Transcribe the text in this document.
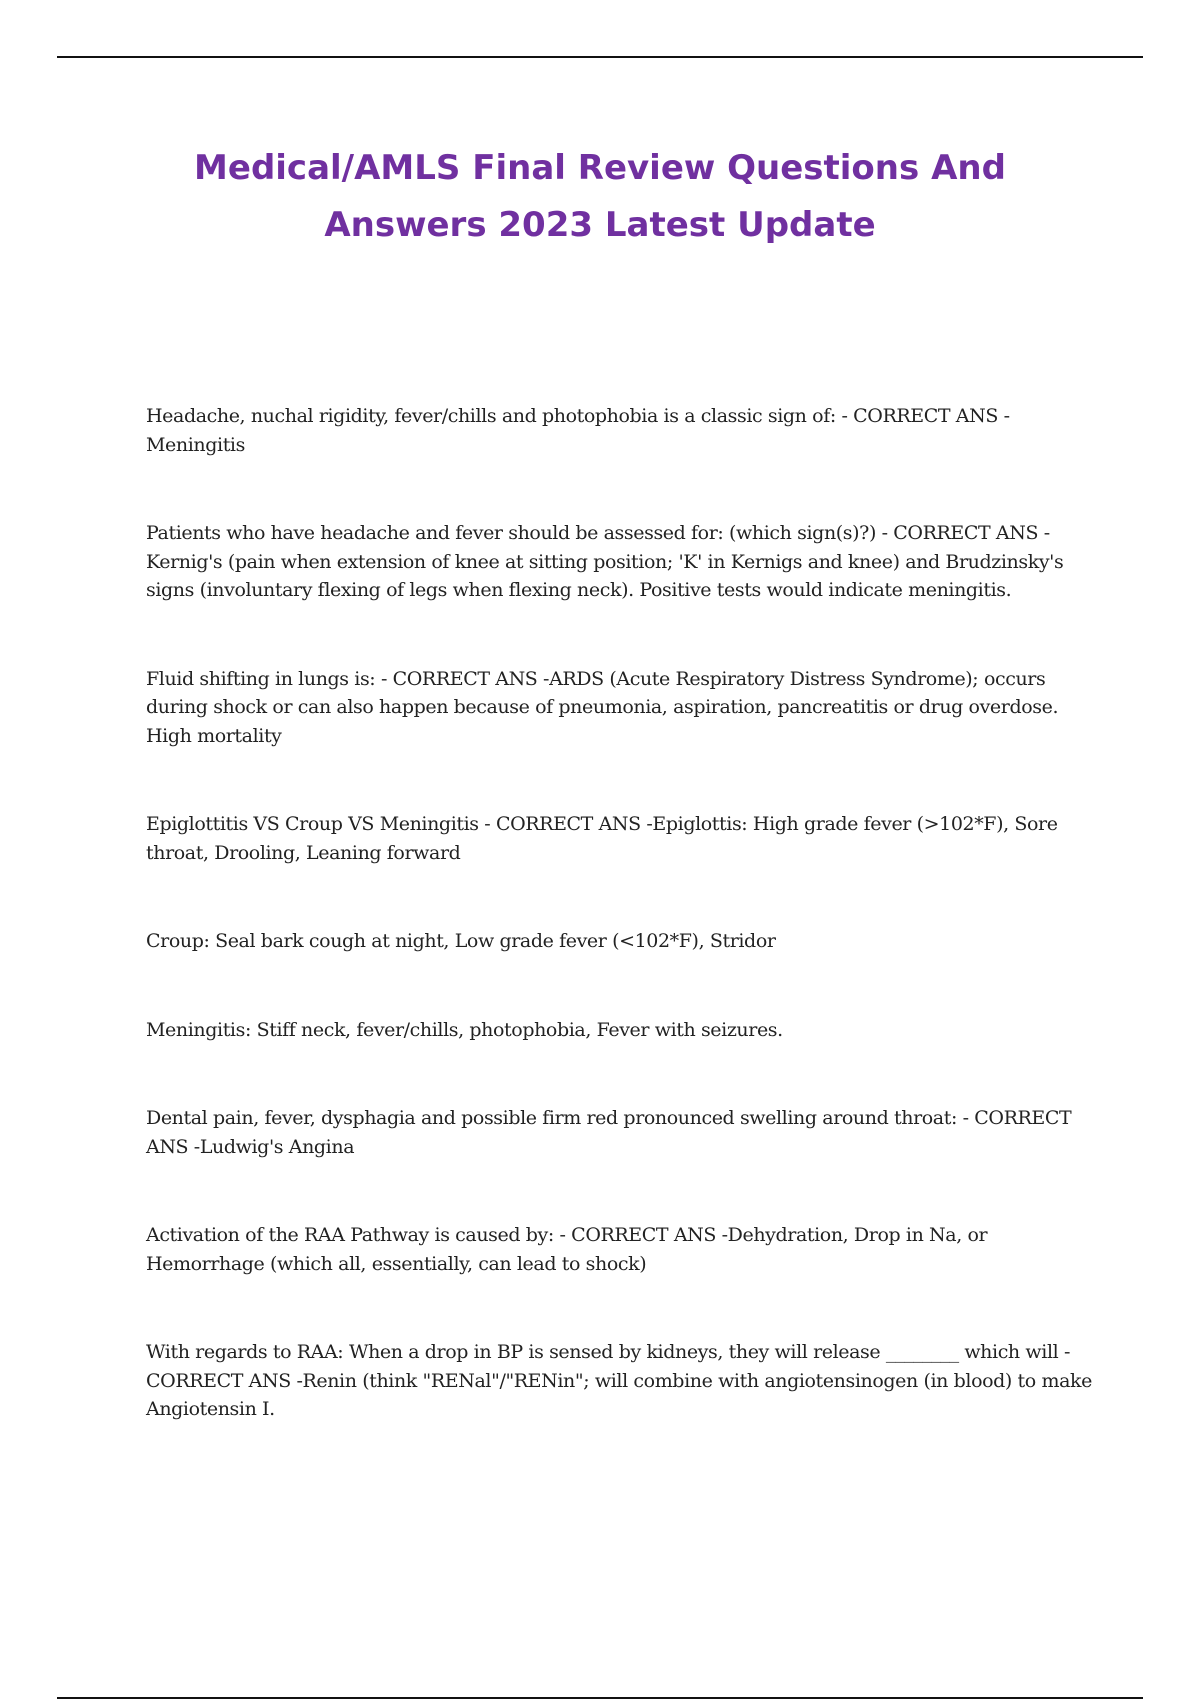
Medical/AMLS Final Review Questions And
Answers 2023 Latest Update
Headache, nuchal rigidity, fever/chills and photophobia is a classic sign of: - CORRECT ANS - Meningitis
Patients who have headache and fever should be assessed for: (which sign(s)?) - CORRECT ANS - Kernig's (pain when extension of knee at sitting position; 'K' in Kernigs and knee) and Brudzinsky's signs (involuntary flexing of legs when flexing neck). Positive tests would indicate meningitis.
Fluid shifting in lungs is: - CORRECT ANS -ARDS (Acute Respiratory Distress Syndrome); occurs during shock or can also happen because of pneumonia, aspiration, pancreatitis or drug overdose. High mortality
Epiglottitis VS Croup VS Meningitis - CORRECT ANS -Epiglottis: High grade fever (>102*F), Sore throat, Drooling, Leaning forward
Croup: Seal bark cough at night, Low grade fever (<102*F), Stridor
Meningitis: Stiff neck, fever/chills, photophobia, Fever with seizures.
Dental pain, fever, dysphagia and possible firm red pronounced swelling around throat: - CORRECT ANS -Ludwig's Angina
Activation of the RAA Pathway is caused by: - CORRECT ANS -Dehydration, Drop in Na, or Hemorrhage (which all, essentially, can lead to shock)
With regards to RAA: When a drop in BP is sensed by kidneys, they will release ________ which will - CORRECT ANS -Renin (think "RENal"/"RENin"; will combine with angiotensinogen (in blood) to make Angiotensin I.
